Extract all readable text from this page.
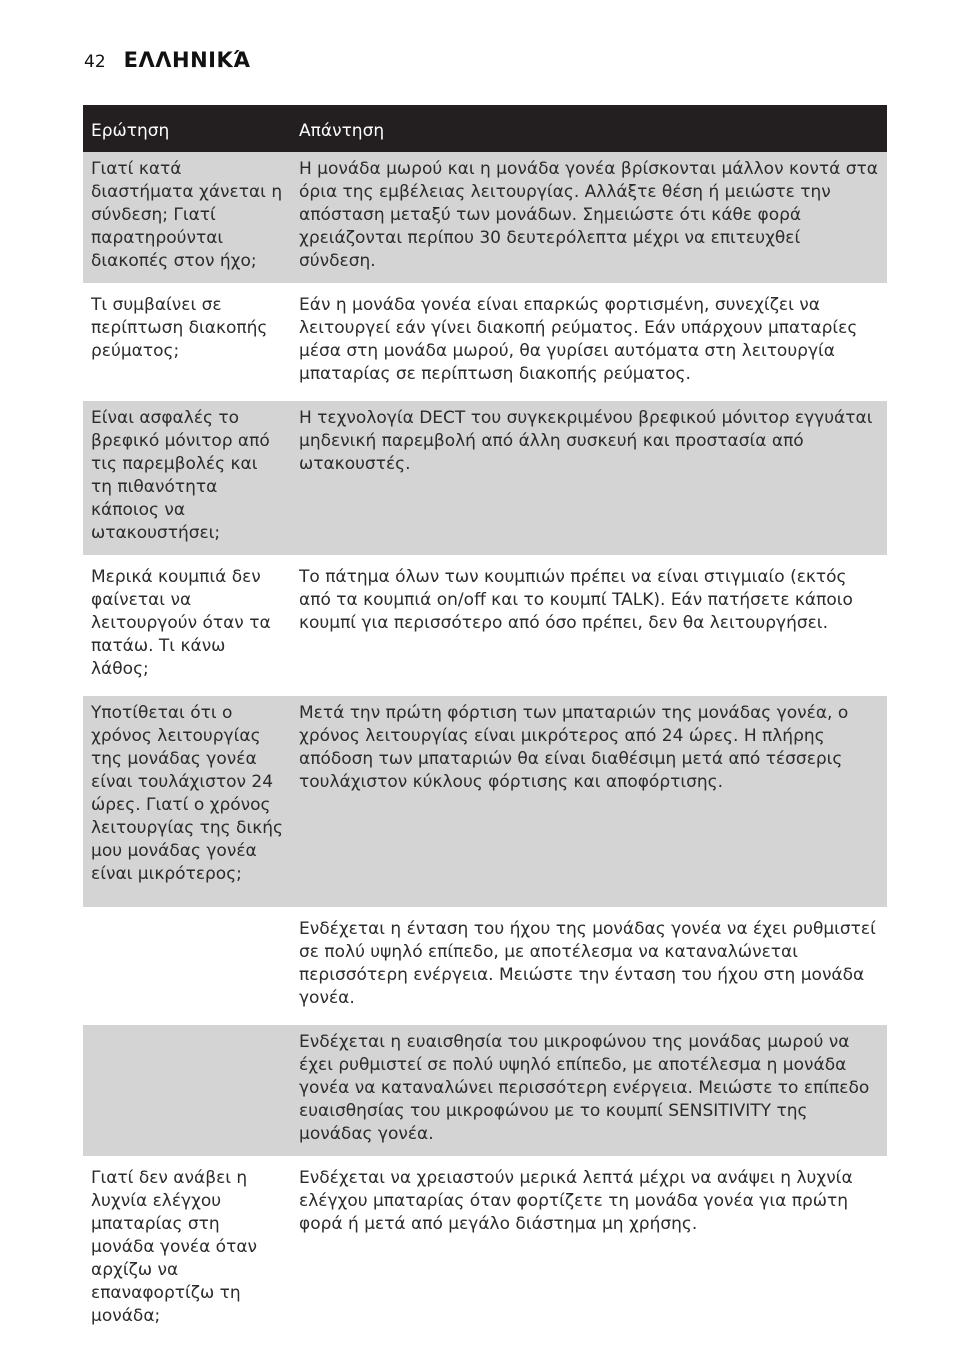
42 ΕΛΛΗΝΙΚΆ
Ερώτηση	Απάντηση
Γιατί κατά διαστήματα χάνεται η σύνδεση; Γιατί παρατηρούνται διακοπές στον ήχο;	Η μονάδα μωρού και η μονάδα γονέα βρίσκονται μάλλον κοντά στα όρια της εμβέλειας λειτουργίας. Αλλάξτε θέση ή μειώστε την απόσταση μεταξύ των μονάδων. Σημειώστε ότι κάθε φορά χρειάζονται περίπου 30 δευτερόλεπτα μέχρι να επιτευχθεί σύνδεση.
Τι συμβαίνει σε περίπτωση διακοπής ρεύματος;	Εάν η μονάδα γονέα είναι επαρκώς φορτισμένη, συνεχίζει να λειτουργεί εάν γίνει διακοπή ρεύματος. Εάν υπάρχουν μπαταρίες μέσα στη μονάδα μωρού, θα γυρίσει αυτόματα στη λειτουργία μπαταρίας σε περίπτωση διακοπής ρεύματος.
Είναι ασφαλές το βρεφικό μόνιτορ από τις παρεμβολές και τη πιθανότητα κάποιος να ωτακουστήσει;	Η τεχνολογία DECT του συγκεκριμένου βρεφικού μόνιτορ εγγυάται μηδενική παρεμβολή από άλλη συσκευή και προστασία από ωτακουστές.
Μερικά κουμπιά δεν φαίνεται να λειτουργούν όταν τα πατάω. Τι κάνω λάθος;	Το πάτημα όλων των κουμπιών πρέπει να είναι στιγμιαίο (εκτός από τα κουμπιά on/off και το κουμπί TALK). Εάν πατήσετε κάποιο κουμπί για περισσότερο από όσο πρέπει, δεν θα λειτουργήσει.
Υποτίθεται ότι ο χρόνος λειτουργίας της μονάδας γονέα είναι τουλάχιστον 24 ώρες. Γιατί ο χρόνος λειτουργίας της δικής μου μονάδας γονέα είναι μικρότερος;	Μετά την πρώτη φόρτιση των μπαταριών της μονάδας γονέα, ο χρόνος λειτουργίας είναι μικρότερος από 24 ώρες. Η πλήρης απόδοση των μπαταριών θα είναι διαθέσιμη μετά από τέσσερις τουλάχιστον κύκλους φόρτισης και αποφόρτισης.
	Ενδέχεται η ένταση του ήχου της μονάδας γονέα να έχει ρυθμιστεί σε πολύ υψηλό επίπεδο, με αποτέλεσμα να καταναλώνεται περισσότερη ενέργεια. Μειώστε την ένταση του ήχου στη μονάδα γονέα.
	Ενδέχεται η ευαισθησία του μικροφώνου της μονάδας μωρού να έχει ρυθμιστεί σε πολύ υψηλό επίπεδο, με αποτέλεσμα η μονάδα γονέα να καταναλώνει περισσότερη ενέργεια. Μειώστε το επίπεδο ευαισθησίας του μικροφώνου με το κουμπί SENSITIVITY της μονάδας γονέα.
Γιατί δεν ανάβει η λυχνία ελέγχου μπαταρίας στη μονάδα γονέα όταν αρχίζω να επαναφορτίζω τη μονάδα;	Ενδέχεται να χρειαστούν μερικά λεπτά μέχρι να ανάψει η λυχνία ελέγχου μπαταρίας όταν φορτίζετε τη μονάδα γονέα για πρώτη φορά ή μετά από μεγάλο διάστημα μη χρήσης.
